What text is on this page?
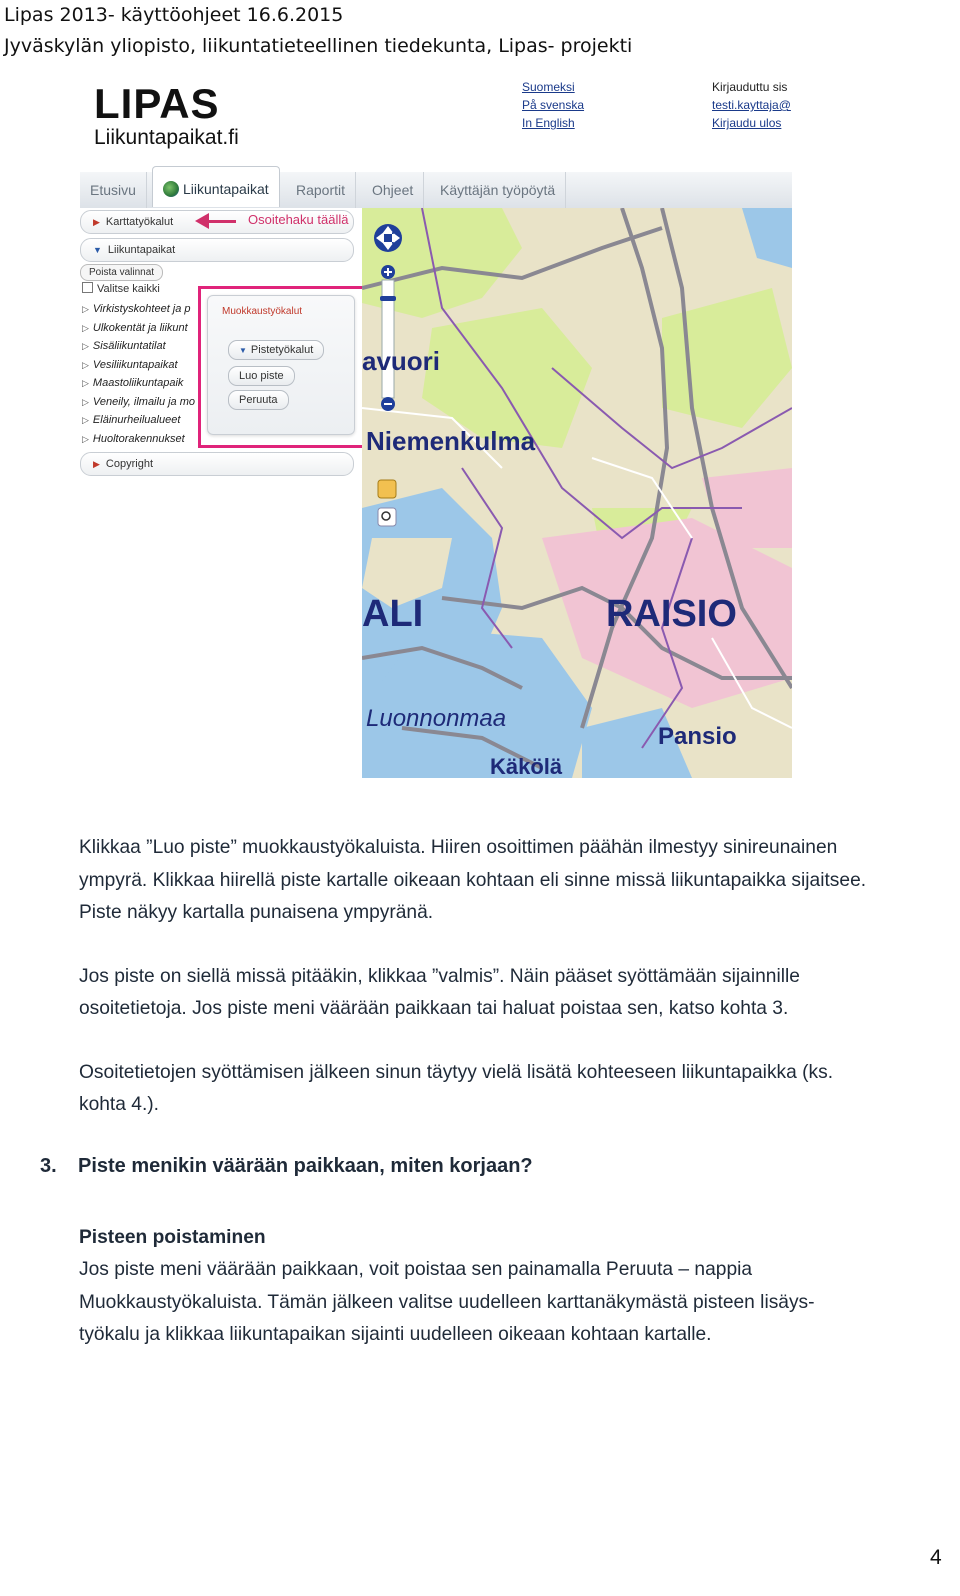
Lipas 2013- käyttöohjeet 16.6.2015
Jyväskylän yliopisto, liikuntatieteellinen tiedekunta, Lipas- projekti
LIPAS
Liikuntapaikat.fi
Suomeksi
På svenska
In English
Kirjauduttu sis
testi.kayttaja@
Kirjaudu ulos
Etusivu	Liikuntapaikat	Raportit	Ohjeet	Käyttäjän työpöytä
▶ Karttatyökalut	Osoitehaku täällä
▼ Liikuntapaikat
Poista valinnat
Valitse kaikki
▷ Virkistyskohteet ja p
▷ Ulkokentät ja liikunt
▷ Sisäliikuntatilat
▷ Vesiliikuntapaikat
▷ Maastoliikuntapaik
▷ Veneily, ilmailu ja mo
▷ Eläinurheilualueet
▷ Huoltorakennukset
▶ Copyright
Muokkaustyökalut
▼ Pistetyökalut
Luo piste
Peruuta
avuori
Niemenkulma
ALI	RAISIO
Luonnonmaa
Pansio
Käkölä

Klikkaa ”Luo piste” muokkaustyökaluista. Hiiren osoittimen päähän ilmestyy sinireunainen

ympyrä. Klikkaa hiirellä piste kartalle oikeaan kohtaan eli sinne missä liikuntapaikka sijaitsee.

Piste näkyy kartalla punaisena ympyränä.

Jos piste on siellä missä pitääkin, klikkaa ”valmis”. Näin pääset syöttämään sijainnille

osoitetietoja. Jos piste meni väärään paikkaan tai haluat poistaa sen, katso kohta 3.

Osoitetietojen syöttämisen jälkeen sinun täytyy vielä lisätä kohteeseen liikuntapaikka (ks.

kohta 4.).

3. Piste menikin väärään paikkaan, miten korjaan?
Pisteen poistaminen

Jos piste meni väärään paikkaan, voit poistaa sen painamalla Peruuta – nappia

Muokkaustyökaluista. Tämän jälkeen valitse uudelleen karttanäkymästä pisteen lisäys-

työkalu ja klikkaa liikuntapaikan sijainti uudelleen oikeaan kohtaan kartalle.

4
